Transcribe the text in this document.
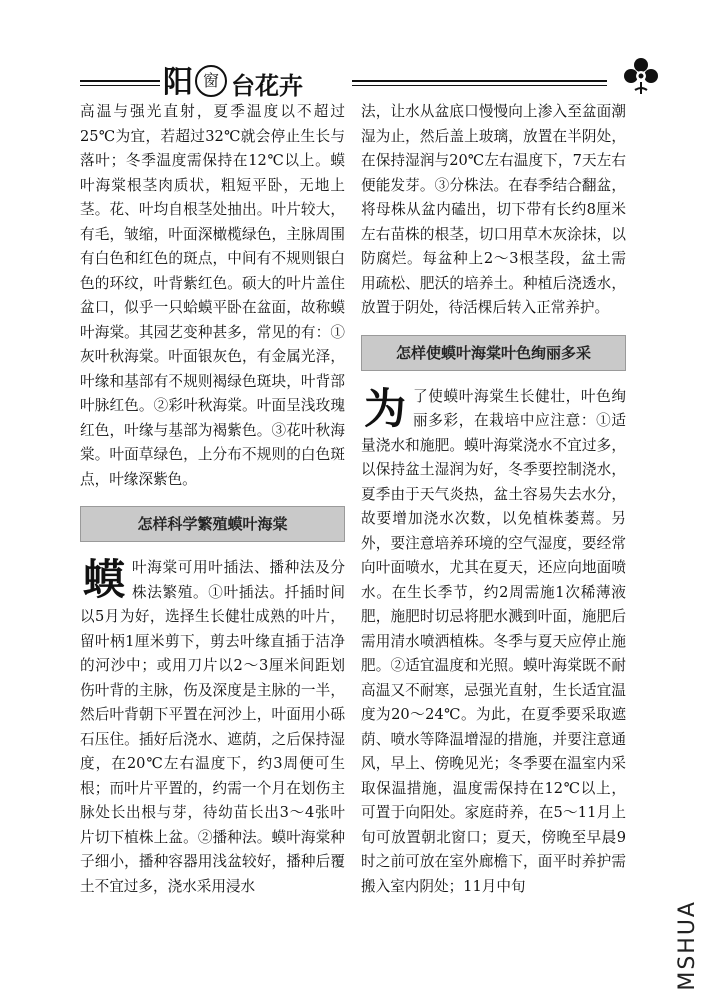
阳 窗 台花卉

高温与强光直射，夏季温度以不超过25℃为宜，若超过32℃就会停止生长与落叶；冬季温度需保持在12℃以上。蟆叶海棠根茎肉质状，粗短平卧，无地上茎。花、叶均自根茎处抽出。叶片较大，有毛，皱缩，叶面深橄榄绿色，主脉周围有白色和红色的斑点，中间有不规则银白色的环纹，叶背紫红色。硕大的叶片盖住盆口，似乎一只蛤蟆平卧在盆面，故称蟆叶海棠。其园艺变种甚多，常见的有：①灰叶秋海棠。叶面银灰色，有金属光泽，叶缘和基部有不规则褐绿色斑块，叶背部叶脉红色。②彩叶秋海棠。叶面呈浅玫瑰红色，叶缘与基部为褐紫色。③花叶秋海棠。叶面草绿色，上分布不规则的白色斑点，叶缘深紫色。

怎样科学繁殖蟆叶海棠
蟆 叶海棠可用叶插法、播种法及分株法繁殖。①叶插法。扦插时间以5月为好，选择生长健壮成熟的叶片，留叶柄1厘米剪下，剪去叶缘直插于洁净的河沙中；或用刀片以2～3厘米间距划伤叶背的主脉，伤及深度是主脉的一半，然后叶背朝下平置在河沙上，叶面用小砾石压住。插好后浇水、遮荫，之后保持湿度，在20℃左右温度下，约3周便可生根；而叶片平置的，约需一个月在划伤主脉处长出根与芽，待幼苗长出3～4张叶片切下植株上盆。②播种法。蟆叶海棠种子细小，播种容器用浅盆较好，播种后覆土不宜过多，浇水采用浸水

法，让水从盆底口慢慢向上渗入至盆面潮湿为止，然后盖上玻璃，放置在半阴处，在保持湿润与20℃左右温度下，7天左右便能发芽。③分株法。在春季结合翻盆，将母株从盆内磕出，切下带有长约8厘米左右苗株的根茎，切口用草木灰涂抹，以防腐烂。每盆种上2～3根茎段，盆土需用疏松、肥沃的培养土。种植后浇透水，放置于阴处，待活棵后转入正常养护。

怎样使蟆叶海棠叶色绚丽多采
为 了使蟆叶海棠生长健壮，叶色绚丽多彩，在栽培中应注意：①适量浇水和施肥。蟆叶海棠浇水不宜过多，以保持盆土湿润为好，冬季要控制浇水，夏季由于天气炎热，盆土容易失去水分，故要增加浇水次数，以免植株萎蔫。另外，要注意培养环境的空气湿度，要经常向叶面喷水，尤其在夏天，还应向地面喷水。在生长季节，约2周需施1次稀薄液肥，施肥时切忌将肥水溅到叶面，施肥后需用清水喷洒植株。冬季与夏天应停止施肥。②适宜温度和光照。蟆叶海棠既不耐高温又不耐寒，忌强光直射，生长适宜温度为20～24℃。为此，在夏季要采取遮荫、喷水等降温增湿的措施，并要注意通风，早上、傍晚见光；冬季要在温室内采取保温措施，温度需保持在12℃以上，可置于向阳处。家庭莳养，在5～11月上旬可放置朝北窗口；夏天，傍晚至早晨9时之前可放在室外廊檐下，面平时养护需搬入室内阴处；11月中旬

MSHUA
